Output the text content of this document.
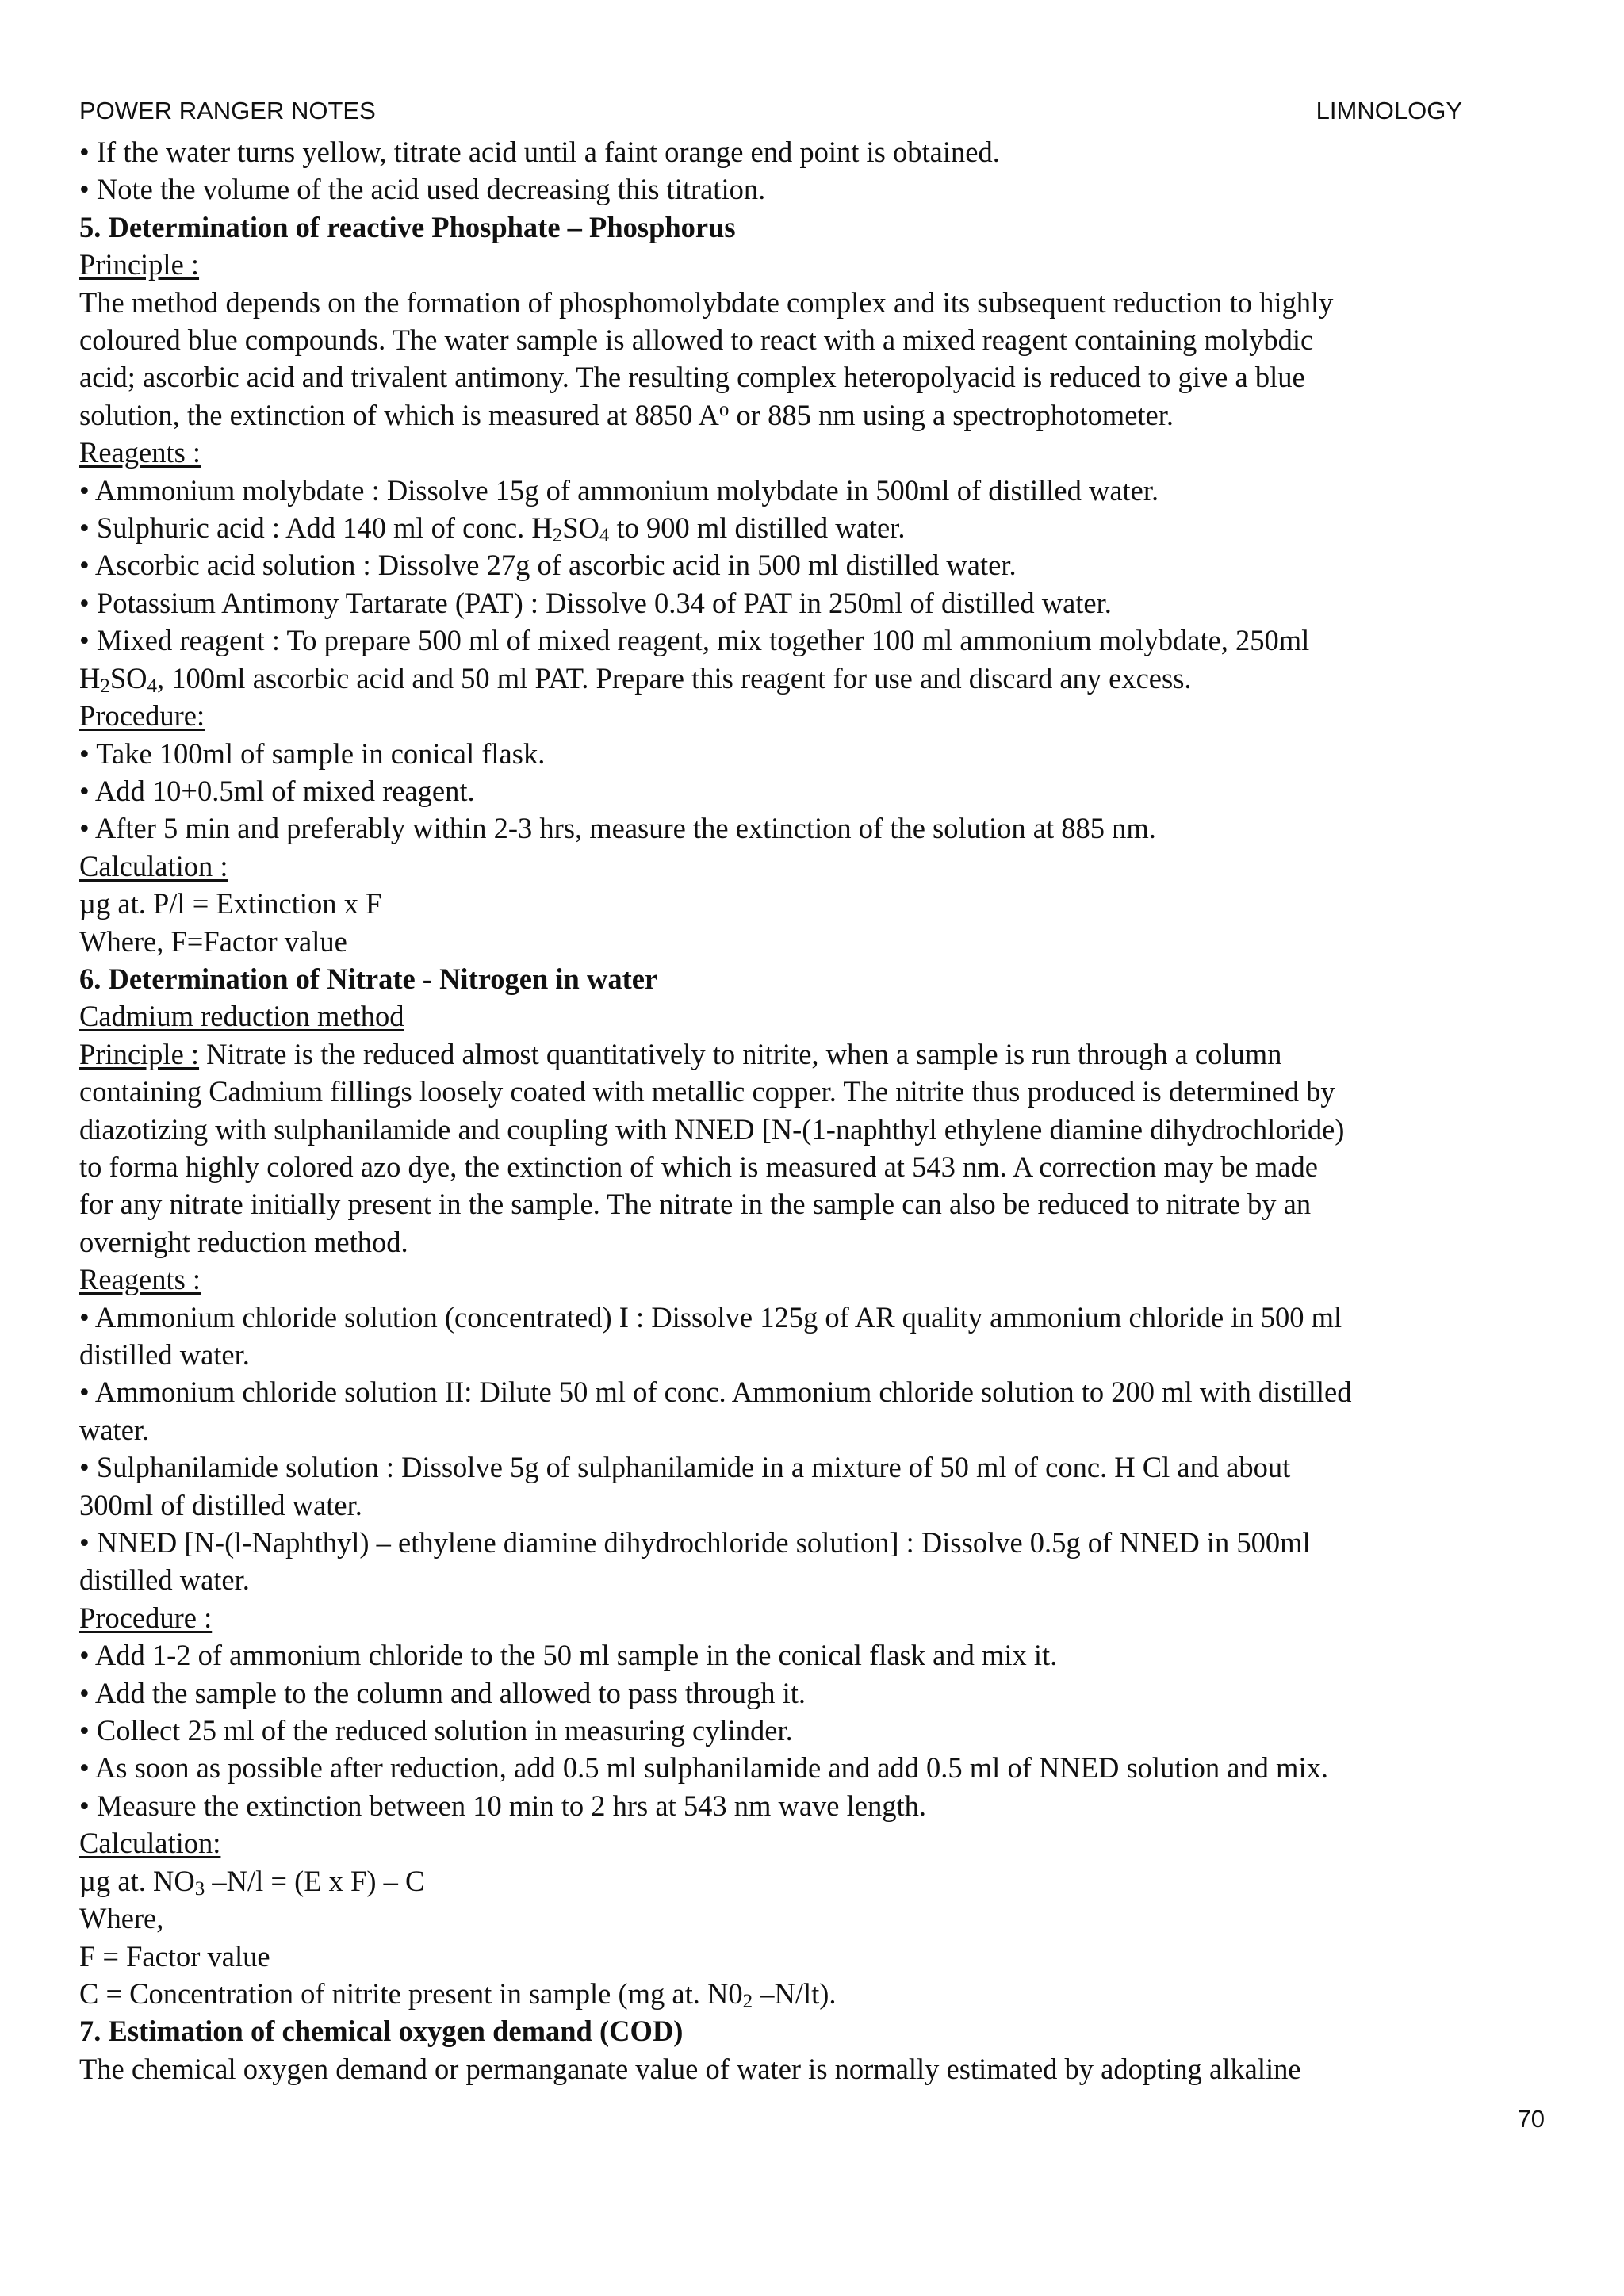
POWER RANGER NOTES	LIMNOLOGY
• If the water turns yellow, titrate acid until a faint orange end point is obtained.
• Note the volume of the acid used decreasing this titration.
5. Determination of reactive Phosphate – Phosphorus
Principle :
The method depends on the formation of phosphomolybdate complex and its subsequent reduction to highly
coloured blue compounds. The water sample is allowed to react with a mixed reagent containing molybdic
acid; ascorbic acid and trivalent antimony. The resulting complex heteropolyacid is reduced to give a blue
solution, the extinction of which is measured at 8850 $A^o$ or 885 nm using a spectrophotometer.
Reagents :
• Ammonium molybdate : Dissolve 15g of ammonium molybdate in 500ml of distilled water.
• Sulphuric acid : Add 140 ml of conc. $H_2SO_4$ to 900 ml distilled water.
• Ascorbic acid solution : Dissolve 27g of ascorbic acid in 500 ml distilled water.
• Potassium Antimony Tartarate (PAT) : Dissolve 0.34 of PAT in 250ml of distilled water.
• Mixed reagent : To prepare 500 ml of mixed reagent, mix together 100 ml ammonium molybdate, 250ml
$H_2SO_4$, 100ml ascorbic acid and 50 ml PAT. Prepare this reagent for use and discard any excess.
Procedure:
• Take 100ml of sample in conical flask.
• Add 10+0.5ml of mixed reagent.
• After 5 min and preferably within 2-3 hrs, measure the extinction of the solution at 885 nm.
Calculation :
µg at. P/l = Extinction x F
Where, F=Factor value
6. Determination of Nitrate - Nitrogen in water
Cadmium reduction method
Principle : Nitrate is the reduced almost quantitatively to nitrite, when a sample is run through a column
containing Cadmium fillings loosely coated with metallic copper. The nitrite thus produced is determined by
diazotizing with sulphanilamide and coupling with NNED [N-(1-naphthyl ethylene diamine dihydrochloride)
to forma highly colored azo dye, the extinction of which is measured at 543 nm. A correction may be made
for any nitrate initially present in the sample. The nitrate in the sample can also be reduced to nitrate by an
overnight reduction method.
Reagents :
• Ammonium chloride solution (concentrated) I : Dissolve 125g of AR quality ammonium chloride in 500 ml
distilled water.
• Ammonium chloride solution II: Dilute 50 ml of conc. Ammonium chloride solution to 200 ml with distilled
water.
• Sulphanilamide solution : Dissolve 5g of sulphanilamide in a mixture of 50 ml of conc. H Cl and about
300ml of distilled water.
• NNED [N-(l-Naphthyl) – ethylene diamine dihydrochloride solution] : Dissolve 0.5g of NNED in 500ml
distilled water.
Procedure :
• Add 1-2 of ammonium chloride to the 50 ml sample in the conical flask and mix it.
• Add the sample to the column and allowed to pass through it.
• Collect 25 ml of the reduced solution in measuring cylinder.
• As soon as possible after reduction, add 0.5 ml sulphanilamide and add 0.5 ml of NNED solution and mix.
• Measure the extinction between 10 min to 2 hrs at 543 nm wave length.
Calculation:
µg at. $NO_3$ –N/l = (E x F) – C
Where,
F = Factor value
C = Concentration of nitrite present in sample (mg at. $N0_2$ –N/lt).
7. Estimation of chemical oxygen demand (COD)
The chemical oxygen demand or permanganate value of water is normally estimated by adopting alkaline
70
